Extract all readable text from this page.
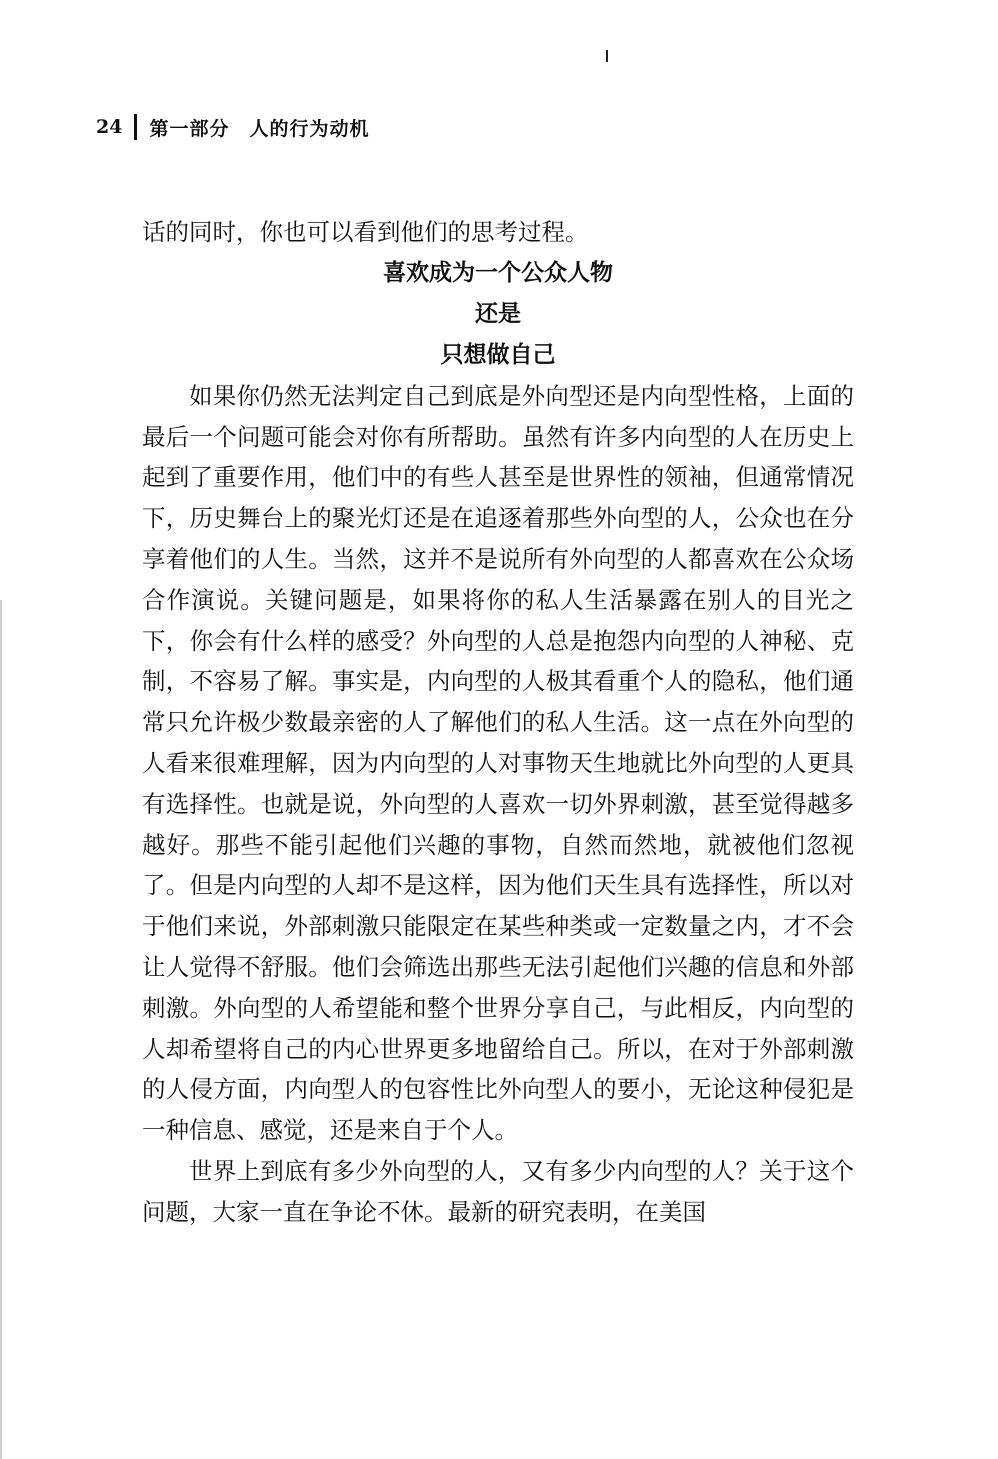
24 第一部分　人的行为动机

话的同时，你也可以看到他们的思考过程。

喜欢成为一个公众人物

还是

只想做自己

如果你仍然无法判定自己到底是外向型还是内向型性格，上面的最后一个问题可能会对你有所帮助。虽然有许多内向型的人在历史上起到了重要作用，他们中的有些人甚至是世界性的领袖，但通常情况下，历史舞台上的聚光灯还是在追逐着那些外向型的人，公众也在分享着他们的人生。当然，这并不是说所有外向型的人都喜欢在公众场合作演说。关键问题是，如果将你的私人生活暴露在别人的目光之下，你会有什么样的感受？外向型的人总是抱怨内向型的人神秘、克制，不容易了解。事实是，内向型的人极其看重个人的隐私，他们通常只允许极少数最亲密的人了解他们的私人生活。这一点在外向型的人看来很难理解，因为内向型的人对事物天生地就比外向型的人更具有选择性。也就是说，外向型的人喜欢一切外界刺激，甚至觉得越多越好。那些不能引起他们兴趣的事物，自然而然地，就被他们忽视了。但是内向型的人却不是这样，因为他们天生具有选择性，所以对于他们来说，外部刺激只能限定在某些种类或一定数量之内，才不会让人觉得不舒服。他们会筛选出那些无法引起他们兴趣的信息和外部刺激。外向型的人希望能和整个世界分享自己，与此相反，内向型的人却希望将自己的内心世界更多地留给自己。所以，在对于外部刺激的人侵方面，内向型人的包容性比外向型人的要小，无论这种侵犯是一种信息、感觉，还是来自于个人。

世界上到底有多少外向型的人，又有多少内向型的人？关于这个问题，大家一直在争论不休。最新的研究表明，在美国
